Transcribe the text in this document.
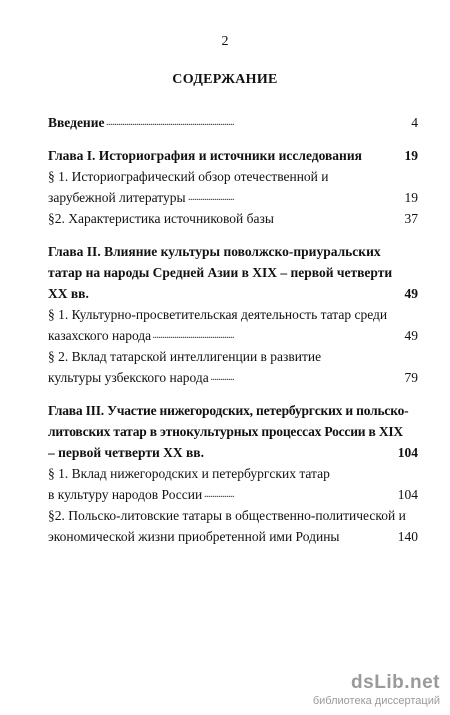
2
СОДЕРЖАНИЕ
. . . Введение	4
. . . Глава I. Историография и источники исследования	19
§ 1. Историографический обзор отечественной и
. . . зарубежной литературы	19
. . . §2. Характеристика источниковой базы	37
Глава II. Влияние культуры поволжско-приуральских
татар на народы Средней Азии в XIX – первой четверти
XX вв.	49
§ 1. Культурно-просветительская деятельность татар среди
. . . казахского народа	49
§ 2. Вклад татарской интеллигенции в развитие
. . . культуры узбекского народа	79
Глава III. Участие нижегородских, петербургских и польско-
литовских татар в этнокультурных процессах России в XIX
– первой четверти XX вв.	104
§ 1. Вклад нижегородских и петербургских татар
. . . в культуру народов России	104
§2. Польско-литовские татары в общественно-политической и
. . . экономической жизни приобретенной ими Родины	140
dsLib.net
библиотека диссертаций
